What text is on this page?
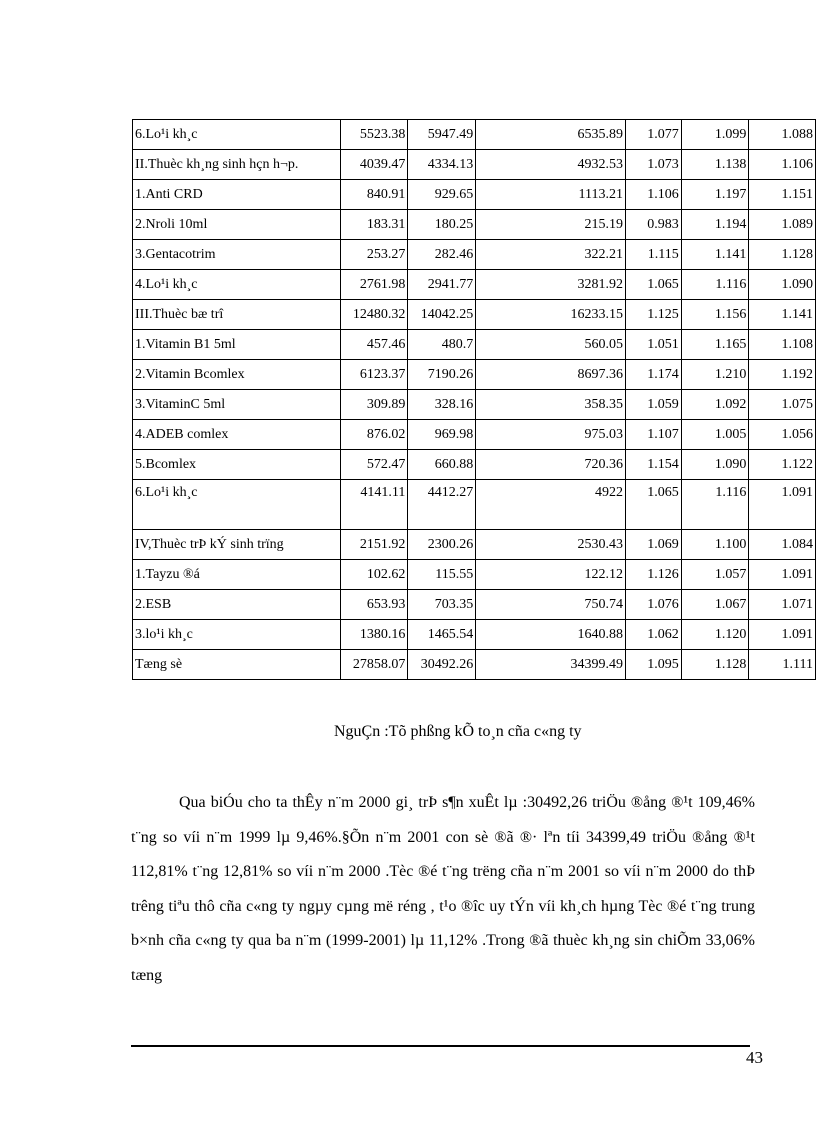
6.Lo¹i kh¸c	5523.38	5947.49	6535.89	1.077	1.099	1.088
II.Thuèc kh¸ng sinh hçn h¬p.	4039.47	4334.13	4932.53	1.073	1.138	1.106
1.Anti CRD	840.91	929.65	1113.21	1.106	1.197	1.151
2.Nroli 10ml	183.31	180.25	215.19	0.983	1.194	1.089
3.Gentacotrim	253.27	282.46	322.21	1.115	1.141	1.128
4.Lo¹i kh¸c	2761.98	2941.77	3281.92	1.065	1.116	1.090
III.Thuèc bæ trî	12480.32	14042.25	16233.15	1.125	1.156	1.141
1.Vitamin B1 5ml	457.46	480.7	560.05	1.051	1.165	1.108
2.Vitamin Bcomlex	6123.37	7190.26	8697.36	1.174	1.210	1.192
3.VitaminC 5ml	309.89	328.16	358.35	1.059	1.092	1.075
4.ADEB comlex	876.02	969.98	975.03	1.107	1.005	1.056
5.Bcomlex	572.47	660.88	720.36	1.154	1.090	1.122
6.Lo¹i kh¸c	4141.11	4412.27	4922	1.065	1.116	1.091
IV,Thuèc trÞ kÝ sinh trïng	2151.92	2300.26	2530.43	1.069	1.100	1.084
1.Tayzu ®á	102.62	115.55	122.12	1.126	1.057	1.091
2.ESB	653.93	703.35	750.74	1.076	1.067	1.071
3.lo¹i kh¸c	1380.16	1465.54	1640.88	1.062	1.120	1.091
Tæng sè	27858.07	30492.26	34399.49	1.095	1.128	1.111
NguÇn :Tõ phßng kÕ to¸n cña c«ng ty
Qua biÓu cho ta thÊy n¨m 2000 gi¸ trÞ s¶n xuÊt lµ :30492,26 triÖu ®ång ®¹t 109,46% t¨ng so víi n¨m 1999 lµ 9,46%.§Õn n¨m 2001 con sè ®ã ®· lªn tíi 34399,49 triÖu ®ång ®¹t 112,81% t¨ng 12,81% so víi n¨m 2000 .Tèc ®é t¨ng trëng cña n¨m 2001 so víi n¨m 2000 do thÞ trêng tiªu thô cña c«ng ty ngµy cµng më réng , t¹o ®îc uy tÝn víi kh¸ch hµng Tèc ®é t¨ng trung b×nh cña c«ng ty qua ba n¨m (1999-2001) lµ 11,12% .Trong ®ã thuèc kh¸ng sin chiÕm 33,06% tæng
43
